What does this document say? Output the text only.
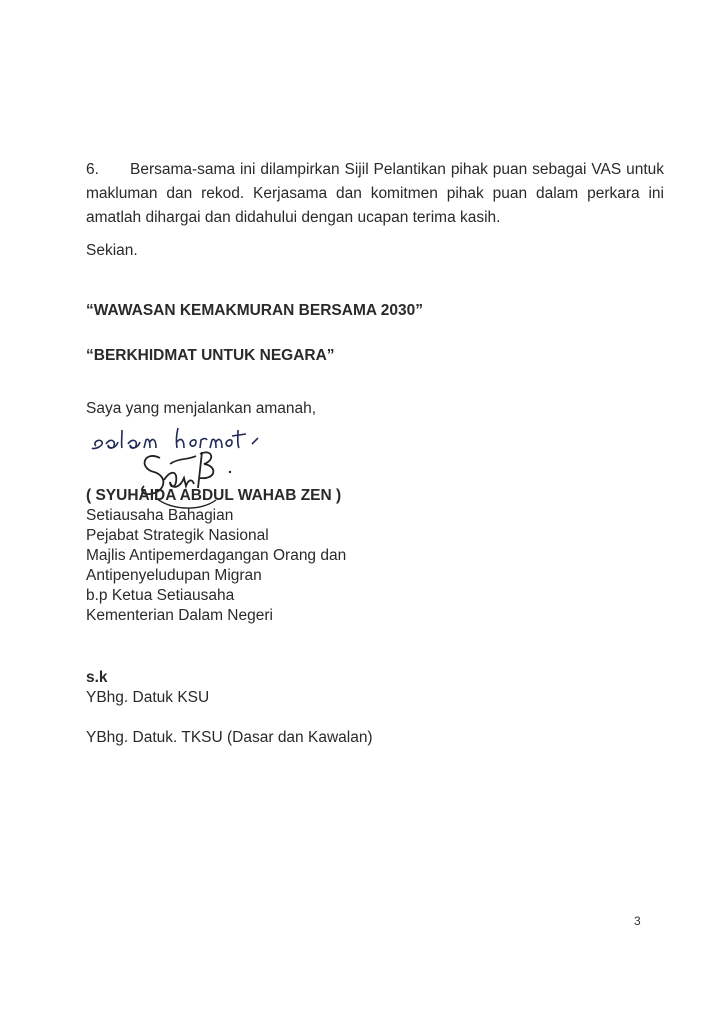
6. Bersama-sama ini dilampirkan Sijil Pelantikan pihak puan sebagai VAS untuk makluman dan rekod. Kerjasama dan komitmen pihak puan dalam perkara ini amatlah dihargai dan didahului dengan ucapan terima kasih.

Sekian.

“WAWASAN KEMAKMURAN BERSAMA 2030”

“BERKHIDMAT UNTUK NEGARA”

Saya yang menjalankan amanah,

( SYUHAIDA ABDUL WAHAB ZEN )
Setiausaha Bahagian
Pejabat Strategik Nasional
Majlis Antipemerdagangan Orang dan
Antipenyeludupan Migran
b.p Ketua Setiausaha
Kementerian Dalam Negeri
s.k
YBhg. Datuk KSU
YBhg. Datuk. TKSU (Dasar dan Kawalan)
3
